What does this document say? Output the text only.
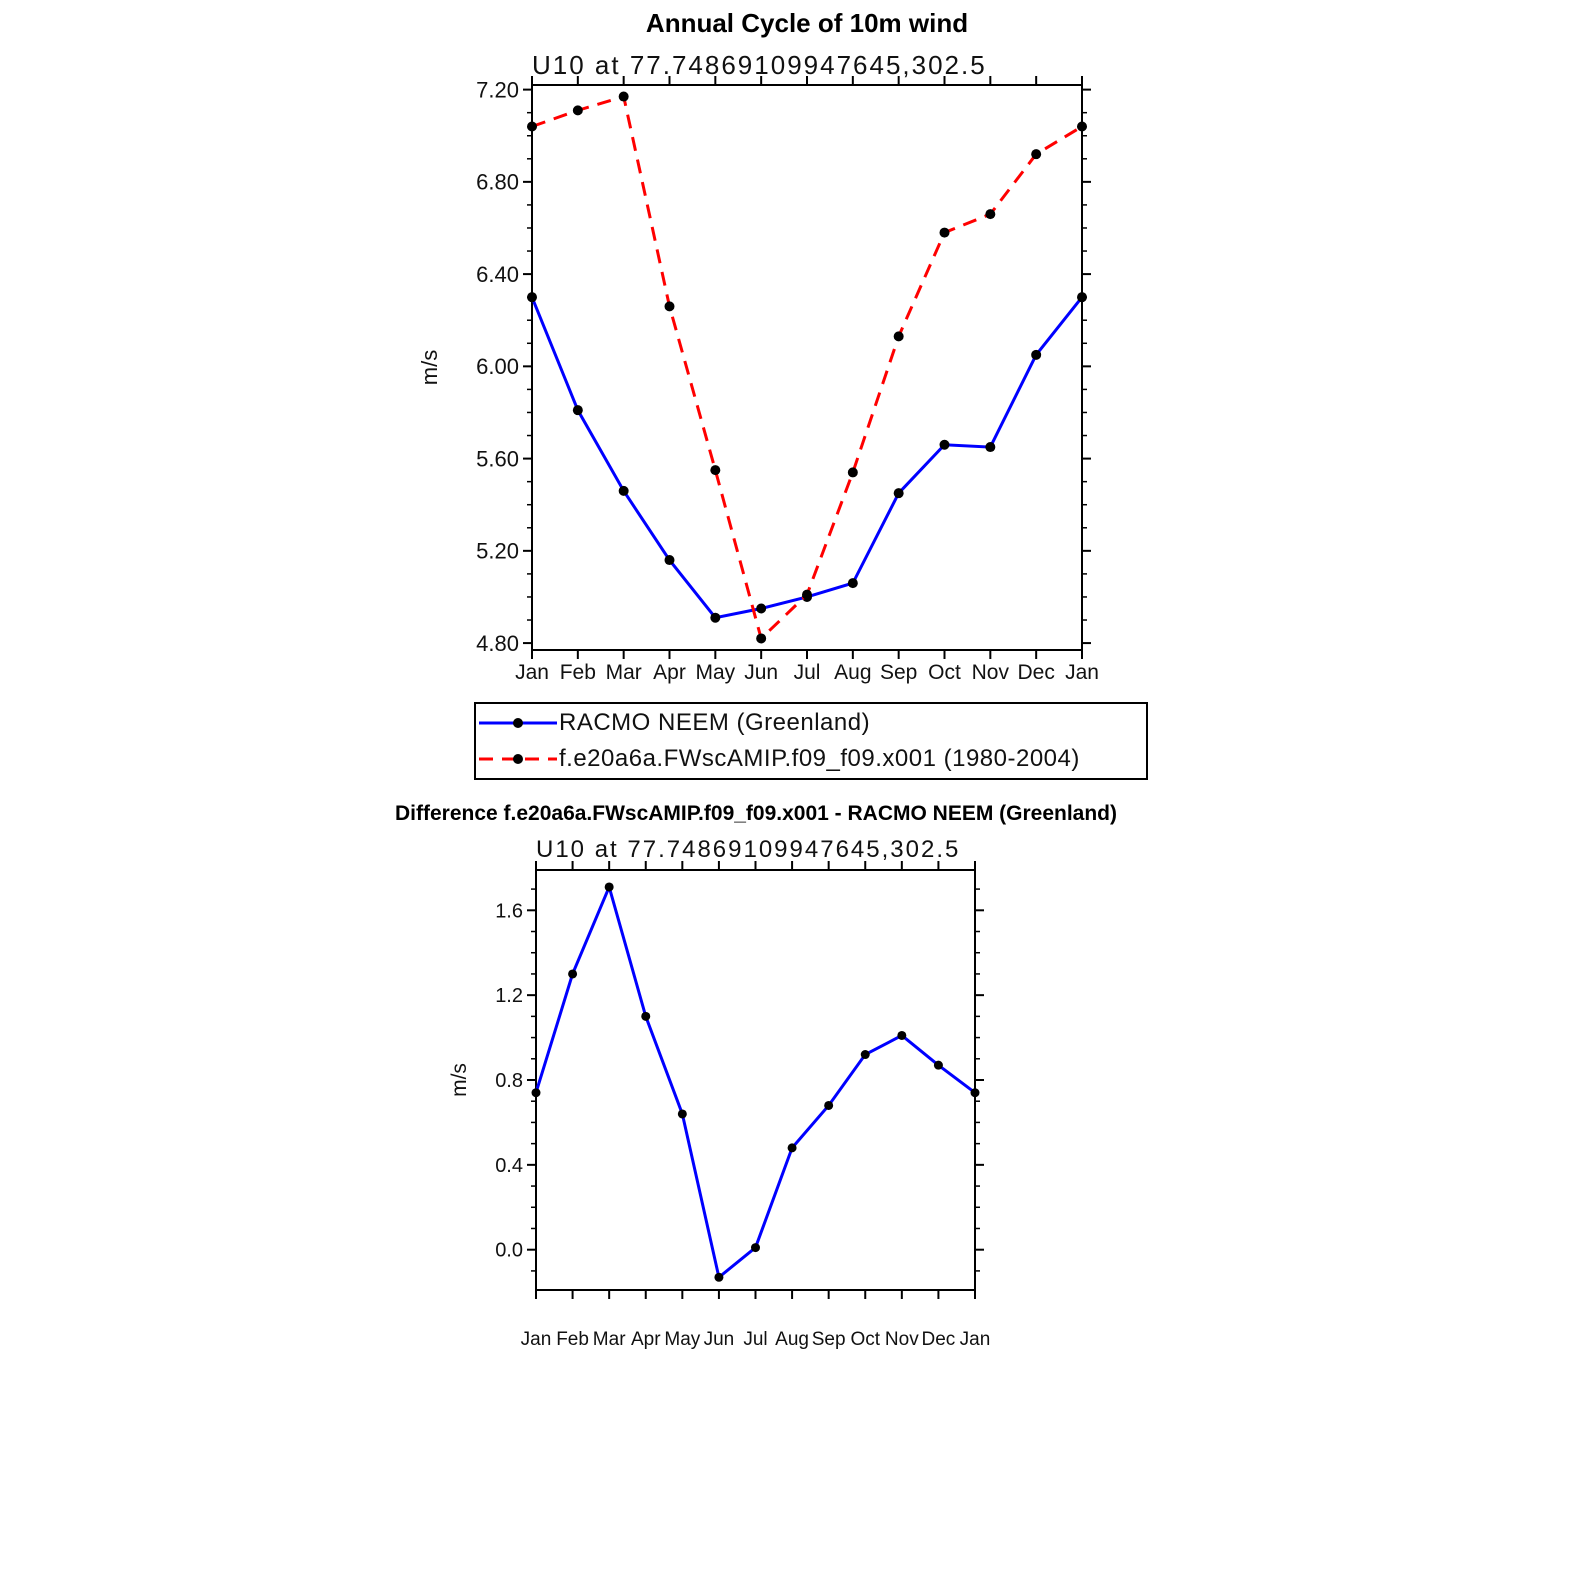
Annual Cycle of 10m wind
U10 at 77.74869109947645,302.5
4.80
5.20
5.60
6.00
6.40
6.80
7.20
Jan Feb Mar Apr May Jun Jul Aug Sep Oct Nov Dec Jan
m/s
RACMO NEEM (Greenland)
f.e20a6a.FWscAMIP.f09_f09.x001 (1980-2004)
Difference f.e20a6a.FWscAMIP.f09_f09.x001 - RACMO NEEM (Greenland)
U10 at 77.74869109947645,302.5
0.0
0.4
0.8
1.2
1.6
Jan Feb Mar Apr May Jun Jul Aug Sep Oct Nov Dec Jan
m/s
